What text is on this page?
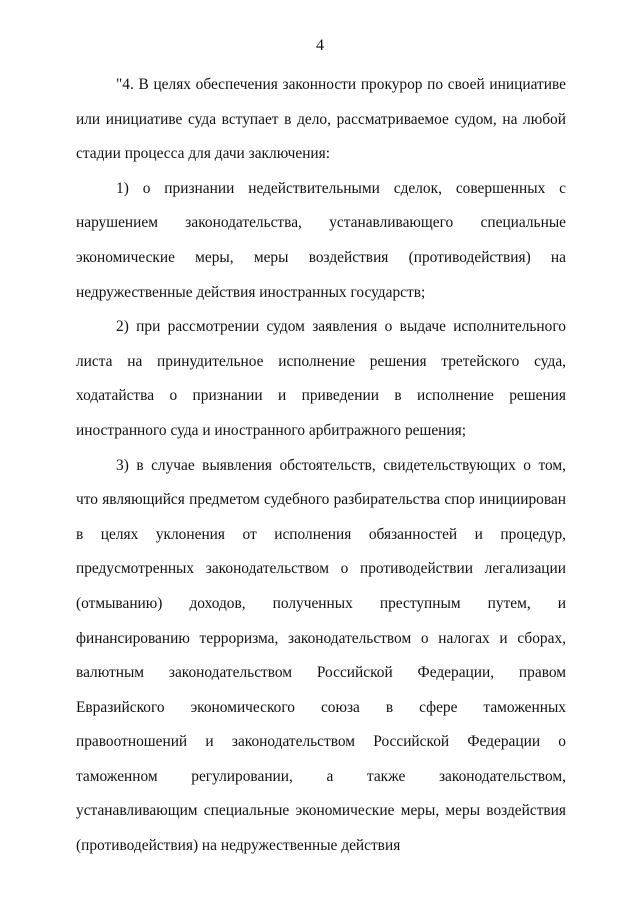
4

"4. В целях обеспечения законности прокурор по своей инициативе или инициативе суда вступает в дело, рассматриваемое судом, на любой стадии процесса для дачи заключения:

1) о признании недействительными сделок, совершенных с нарушением законодательства, устанавливающего специальные экономические меры, меры воздействия (противодействия) на недружественные действия иностранных государств;

2) при рассмотрении судом заявления о выдаче исполнительного листа на принудительное исполнение решения третейского суда, ходатайства о признании и приведении в исполнение решения иностранного суда и иностранного арбитражного решения;

3) в случае выявления обстоятельств, свидетельствующих о том, что являющийся предметом судебного разбирательства спор инициирован в целях уклонения от исполнения обязанностей и процедур, предусмотренных законодательством о противодействии легализации (отмыванию) доходов, полученных преступным путем, и финансированию терроризма, законодательством о налогах и сборах, валютным законодательством Российской Федерации, правом Евразийского экономического союза в сфере таможенных правоотношений и законодательством Российской Федерации о таможенном регулировании, а также законодательством, устанавливающим специальные экономические меры, меры воздействия (противодействия) на недружественные действия
